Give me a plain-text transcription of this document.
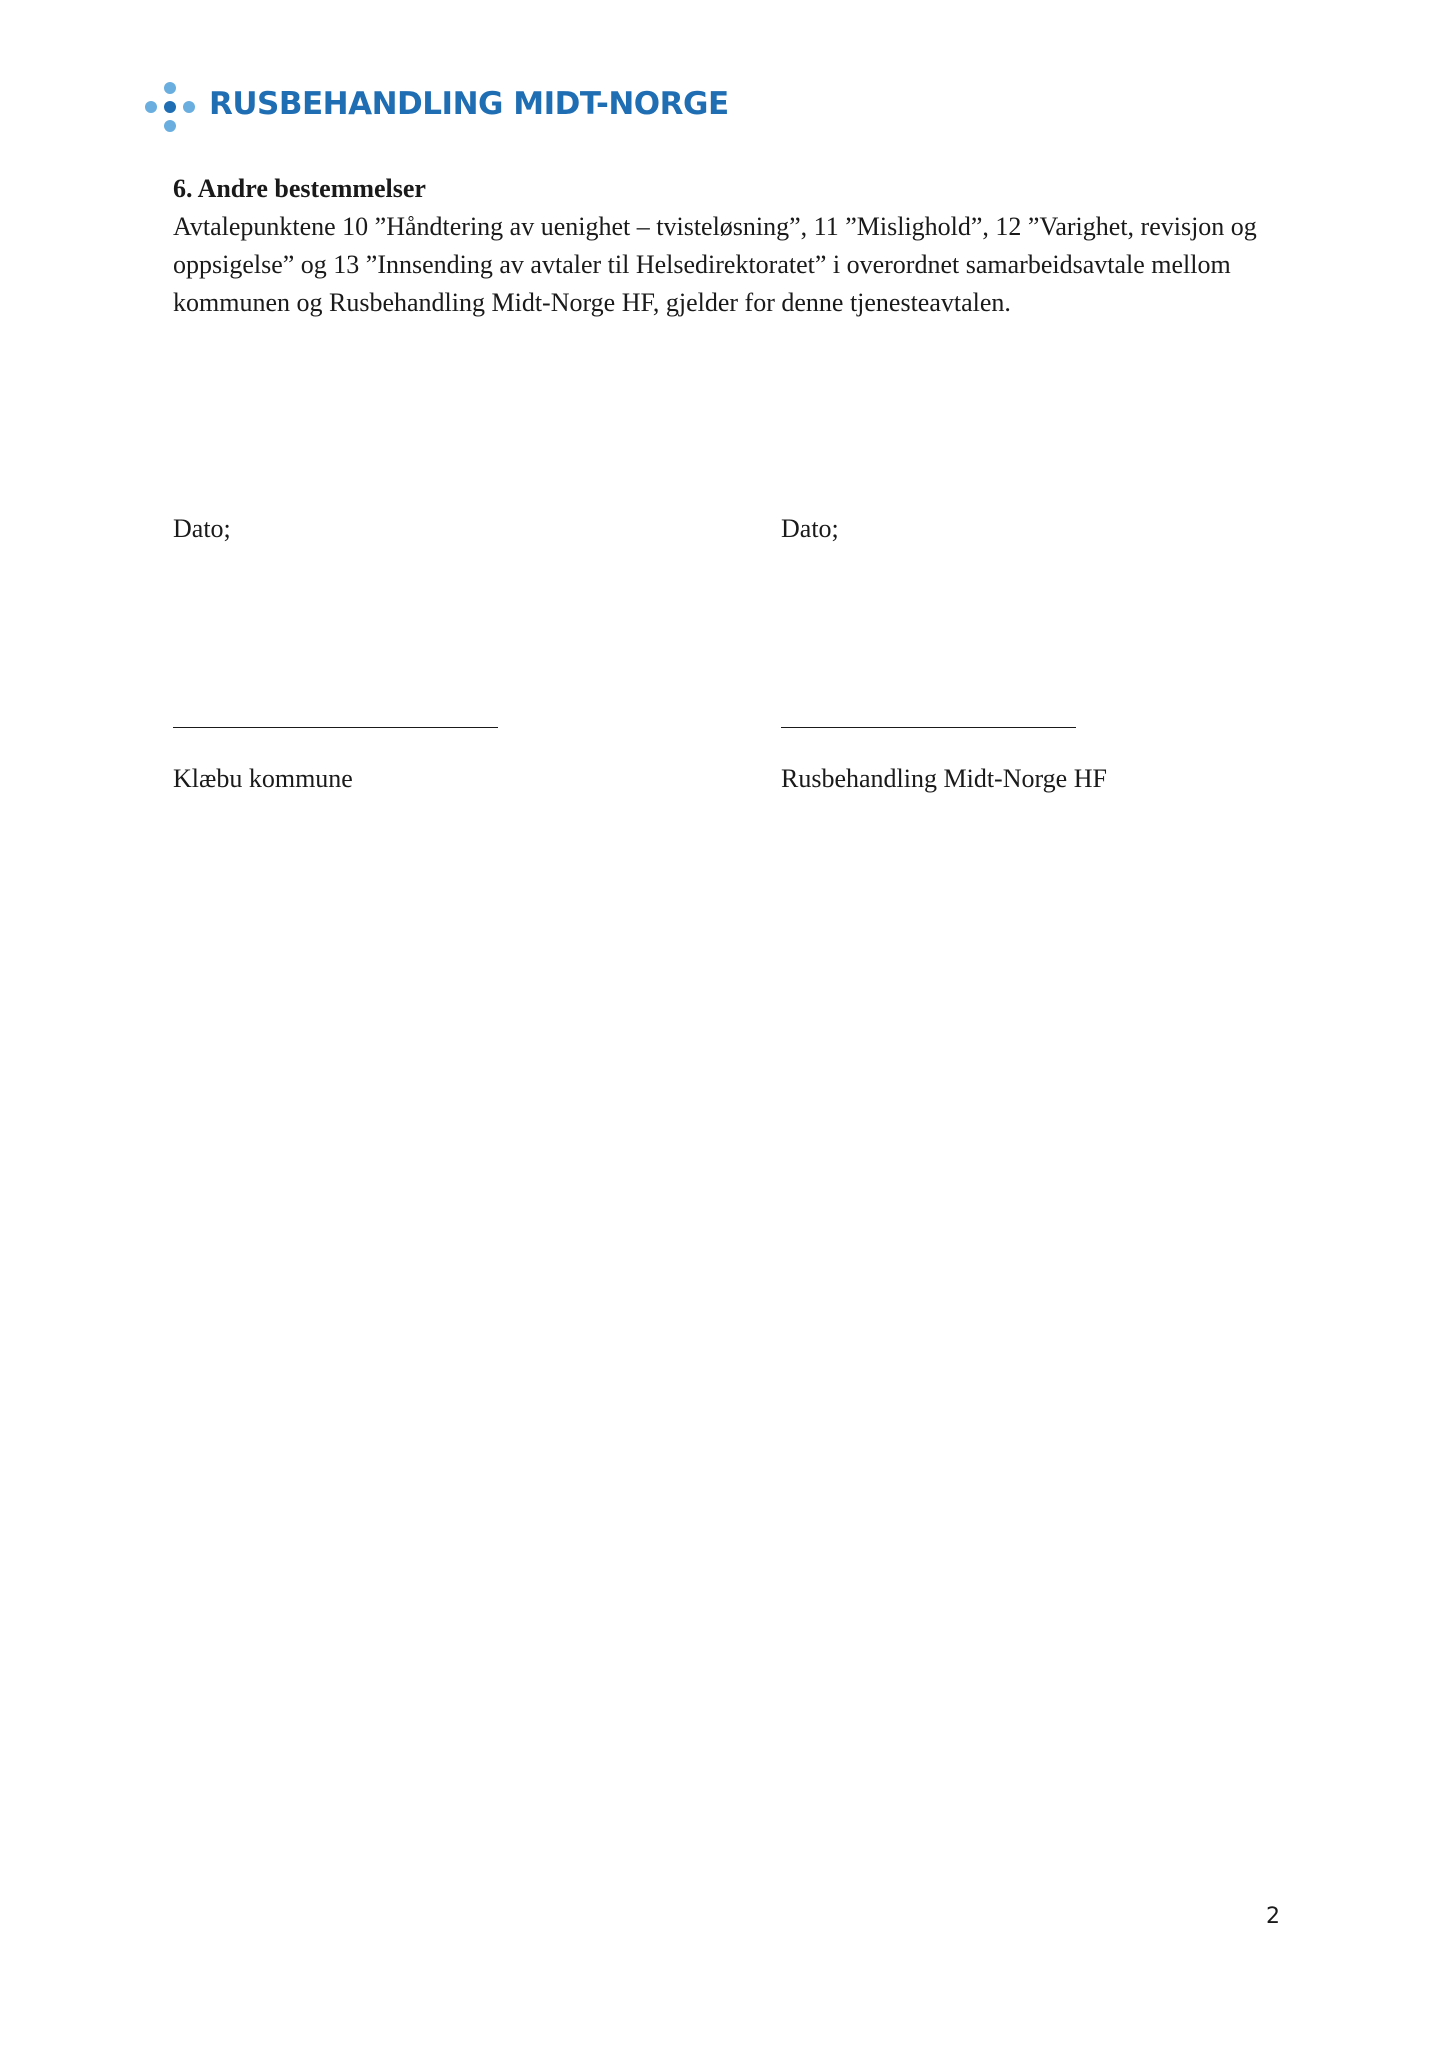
RUSBEHANDLING MIDT-NORGE

6. Andre bestemmelser

Avtalepunktene 10 ”Håndtering av uenighet – tvisteløsning”, 11 ”Mislighold”, 12 ”Varighet, revisjon og oppsigelse” og 13 ”Innsending av avtaler til Helsedirektoratet” i overordnet samarbeidsavtale mellom kommunen og Rusbehandling Midt-Norge HF, gjelder for denne tjenesteavtalen.

Dato;	Dato;
Klæbu kommune	Rusbehandling Midt-Norge HF
2
